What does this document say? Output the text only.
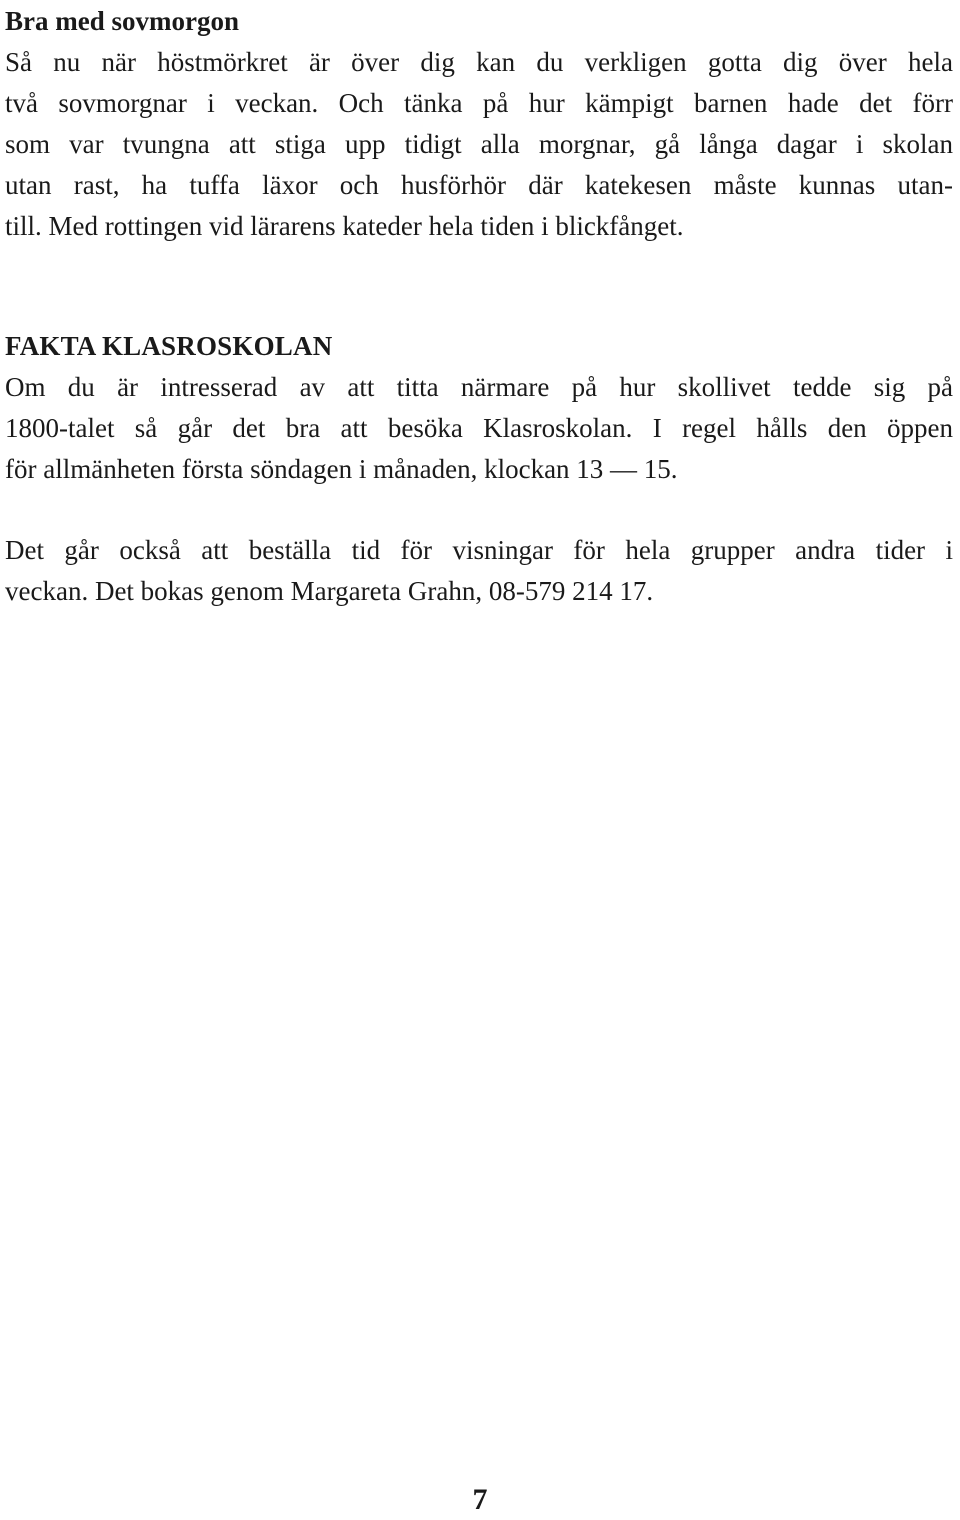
Bra med sovmorgon
Så nu när höstmörkret är över dig kan du verkligen gotta dig över hela
två sovmorgnar i veckan. Och tänka på hur kämpigt barnen hade det förr
som var tvungna att stiga upp tidigt alla morgnar, gå långa dagar i skolan
utan rast, ha tuffa läxor och husförhör där katekesen måste kunnas utan-
till. Med rottingen vid lärarens kateder hela tiden i blickfånget.
FAKTA KLASROSKOLAN
Om du är intresserad av att titta närmare på hur skollivet tedde sig på
1800-talet så går det bra att besöka Klasroskolan. I regel hålls den öppen
för allmänheten första söndagen i månaden, klockan 13 — 15.
Det går också att beställa tid för visningar för hela grupper andra tider i
veckan. Det bokas genom Margareta Grahn, 08-579 214 17.
7
